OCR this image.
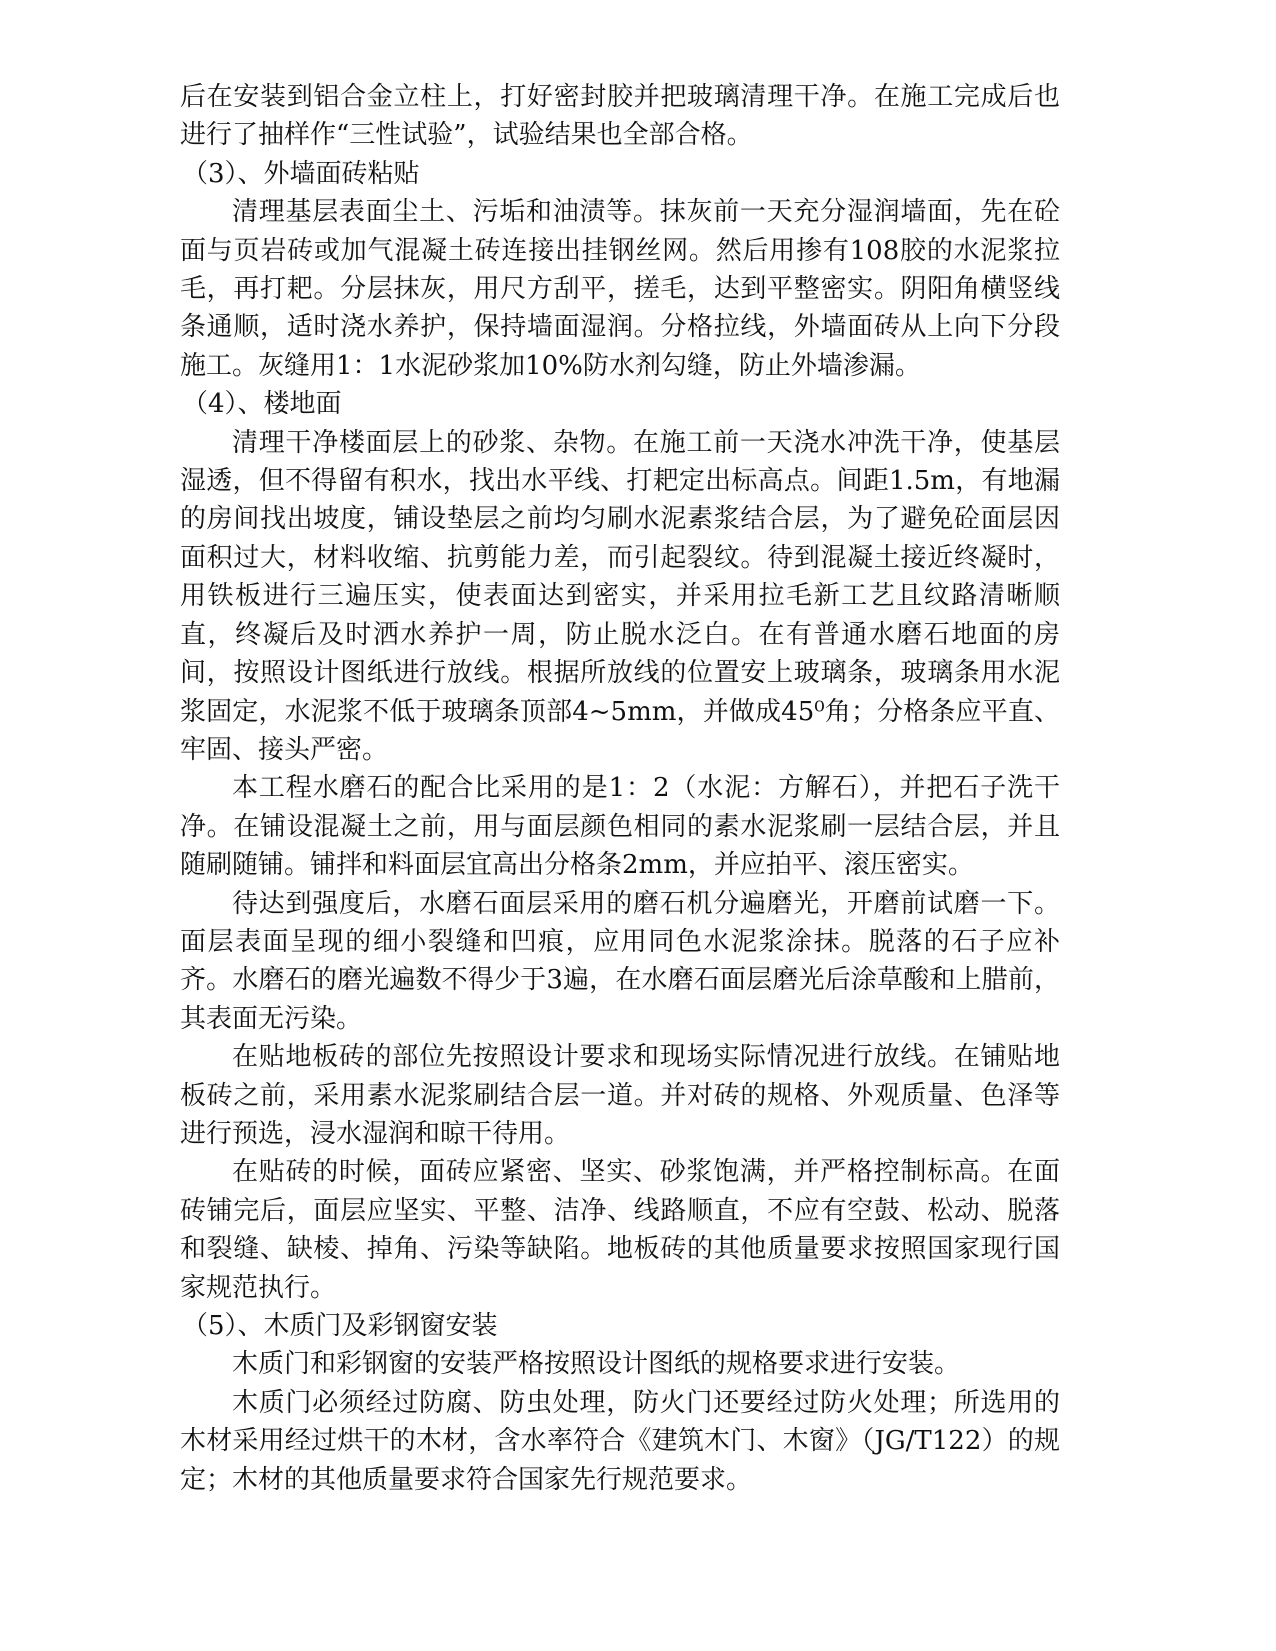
后在安装到铝合金立柱上，打好密封胶并把玻璃清理干净。在施工完成后也进行了抽样作“三性试验”，试验结果也全部合格。

（3）、外墙面砖粘贴

清理基层表面尘土、污垢和油渍等。抹灰前一天充分湿润墙面，先在砼面与页岩砖或加气混凝土砖连接出挂钢丝网。然后用掺有108胶的水泥浆拉毛，再打耙。分层抹灰，用尺方刮平，搓毛，达到平整密实。阴阳角横竖线条通顺，适时浇水养护，保持墙面湿润。分格拉线，外墙面砖从上向下分段施工。灰缝用1：1水泥砂浆加10%防水剂勾缝，防止外墙渗漏。

（4）、楼地面

清理干净楼面层上的砂浆、杂物。在施工前一天浇水冲洗干净，使基层湿透，但不得留有积水，找出水平线、打耙定出标高点。间距1.5m，有地漏的房间找出坡度，铺设垫层之前均匀刷水泥素浆结合层，为了避免砼面层因面积过大，材料收缩、抗剪能力差，而引起裂纹。待到混凝土接近终凝时，用铁板进行三遍压实，使表面达到密实，并采用拉毛新工艺且纹路清晰顺直，终凝后及时洒水养护一周，防止脱水泛白。在有普通水磨石地面的房间，按照设计图纸进行放线。根据所放线的位置安上玻璃条，玻璃条用水泥浆固定，水泥浆不低于玻璃条顶部4~5mm，并做成45⁰角；分格条应平直、牢固、接头严密。

本工程水磨石的配合比采用的是1：2（水泥：方解石），并把石子洗干净。在铺设混凝土之前，用与面层颜色相同的素水泥浆刷一层结合层，并且随刷随铺。铺拌和料面层宜高出分格条2mm，并应拍平、滚压密实。

待达到强度后，水磨石面层采用的磨石机分遍磨光，开磨前试磨一下。面层表面呈现的细小裂缝和凹痕，应用同色水泥浆涂抹。脱落的石子应补齐。水磨石的磨光遍数不得少于3遍，在水磨石面层磨光后涂草酸和上腊前，其表面无污染。

在贴地板砖的部位先按照设计要求和现场实际情况进行放线。在铺贴地板砖之前，采用素水泥浆刷结合层一道。并对砖的规格、外观质量、色泽等进行预选，浸水湿润和晾干待用。

在贴砖的时候，面砖应紧密、坚实、砂浆饱满，并严格控制标高。在面砖铺完后，面层应坚实、平整、洁净、线路顺直，不应有空鼓、松动、脱落和裂缝、缺棱、掉角、污染等缺陷。地板砖的其他质量要求按照国家现行国家规范执行。

（5）、木质门及彩钢窗安装

木质门和彩钢窗的安装严格按照设计图纸的规格要求进行安装。

木质门必须经过防腐、防虫处理，防火门还要经过防火处理；所选用的木材采用经过烘干的木材，含水率符合《建筑木门、木窗》（JG/T122）的规定；木材的其他质量要求符合国家先行规范要求。
